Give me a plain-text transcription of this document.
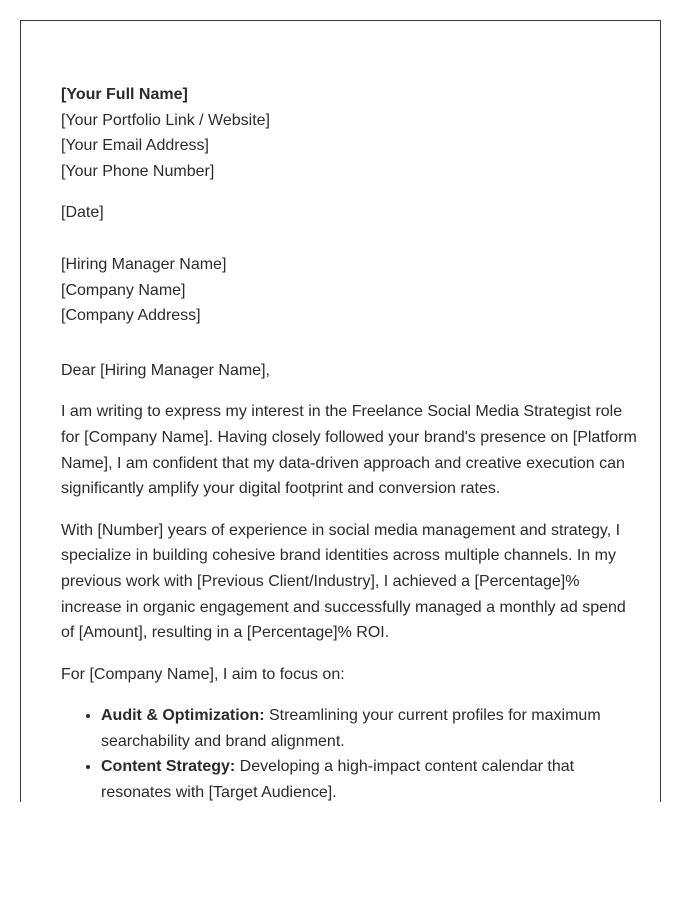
[Your Full Name]
[Your Portfolio Link / Website]
[Your Email Address]
[Your Phone Number]
[Date]
[Hiring Manager Name]
[Company Name]
[Company Address]
Dear [Hiring Manager Name],

I am writing to express my interest in the Freelance Social Media Strategist role for [Company Name]. Having closely followed your brand's presence on [Platform Name], I am confident that my data-driven approach and creative execution can significantly amplify your digital footprint and conversion rates.

With [Number] years of experience in social media management and strategy, I specialize in building cohesive brand identities across multiple channels. In my previous work with [Previous Client/Industry], I achieved a [Percentage]% increase in organic engagement and successfully managed a monthly ad spend of [Amount], resulting in a [Percentage]% ROI.

For [Company Name], I aim to focus on:

• Audit & Optimization: Streamlining your current profiles for maximum searchability and brand alignment.
• Content Strategy: Developing a high-impact content calendar that resonates with [Target Audience].
